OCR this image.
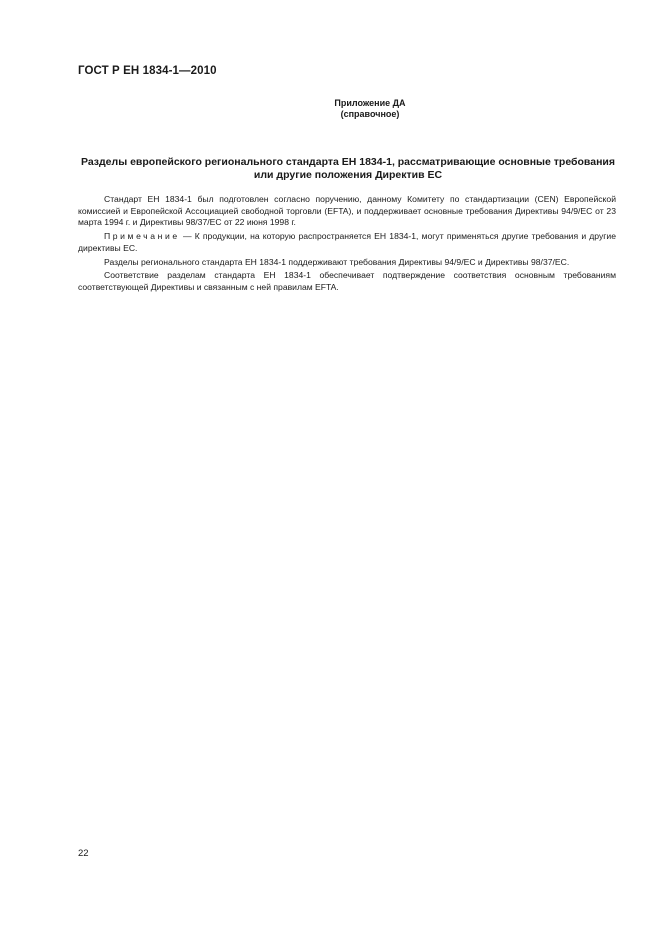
ГОСТ Р ЕН 1834-1—2010
Приложение ДА
(справочное)
Разделы европейского регионального стандарта ЕН 1834-1, рассматривающие основные требования или другие положения Директив ЕС

Стандарт ЕН 1834-1 был подготовлен согласно поручению, данному Комитету по стандартизации (CEN) Европейской комиссией и Европейской Ассоциацией свободной торговли (EFTA), и поддерживает основные требования Директивы 94/9/ЕС от 23 марта 1994 г. и Директивы 98/37/ЕС от 22 июня 1998 г.

Примечание — К продукции, на которую распространяется ЕН 1834-1, могут применяться другие требования и другие директивы ЕС.

Разделы регионального стандарта ЕН 1834-1 поддерживают требования Директивы 94/9/ЕС и Директивы 98/37/ЕС.

Соответствие разделам стандарта ЕН 1834-1 обеспечивает подтверждение соответствия основным требованиям соответствующей Директивы и связанным с ней правилам EFTA.

22
